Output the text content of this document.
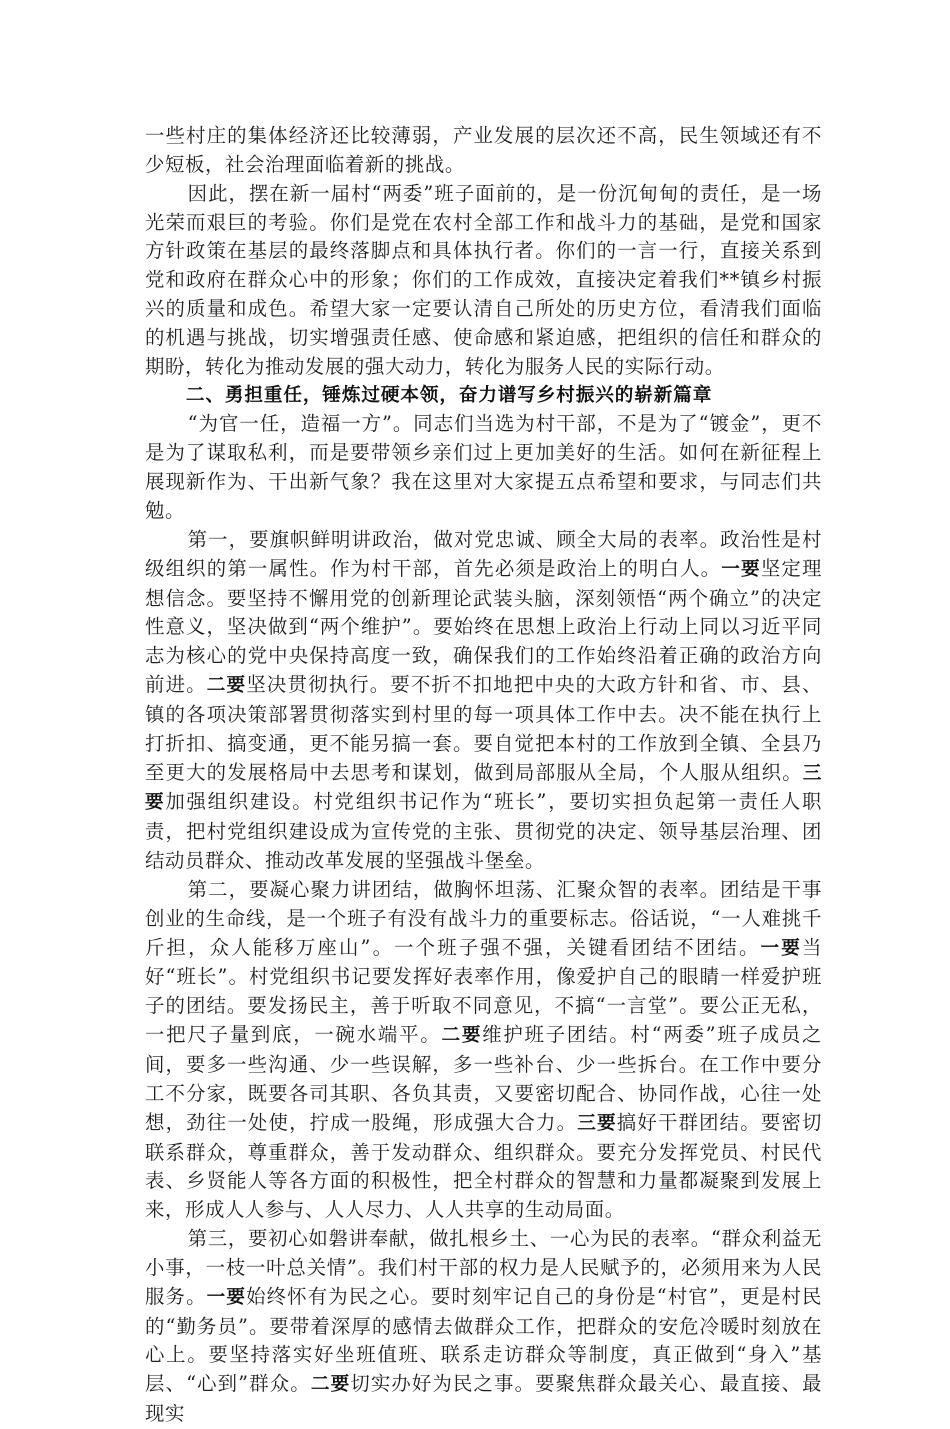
一些村庄的集体经济还比较薄弱，产业发展的层次还不高，民生领域还有不少短板，社会治理面临着新的挑战。

因此，摆在新一届村“两委”班子面前的，是一份沉甸甸的责任，是一场光荣而艰巨的考验。你们是党在农村全部工作和战斗力的基础，是党和国家方针政策在基层的最终落脚点和具体执行者。你们的一言一行，直接关系到党和政府在群众心中的形象；你们的工作成效，直接决定着我们**镇乡村振兴的质量和成色。希望大家一定要认清自己所处的历史方位，看清我们面临的机遇与挑战，切实增强责任感、使命感和紧迫感，把组织的信任和群众的期盼，转化为推动发展的强大动力，转化为服务人民的实际行动。

二、勇担重任，锤炼过硬本领，奋力谱写乡村振兴的崭新篇章

“为官一任，造福一方”。同志们当选为村干部，不是为了“镀金”，更不是为了谋取私利，而是要带领乡亲们过上更加美好的生活。如何在新征程上展现新作为、干出新气象？我在这里对大家提五点希望和要求，与同志们共勉。

第一，要旗帜鲜明讲政治，做对党忠诚、顾全大局的表率。政治性是村级组织的第一属性。作为村干部，首先必须是政治上的明白人。一要坚定理想信念。要坚持不懈用党的创新理论武装头脑，深刻领悟“两个确立”的决定性意义，坚决做到“两个维护”。要始终在思想上政治上行动上同以习近平同志为核心的党中央保持高度一致，确保我们的工作始终沿着正确的政治方向前进。二要坚决贯彻执行。要不折不扣地把中央的大政方针和省、市、县、镇的各项决策部署贯彻落实到村里的每一项具体工作中去。决不能在执行上打折扣、搞变通，更不能另搞一套。要自觉把本村的工作放到全镇、全县乃至更大的发展格局中去思考和谋划，做到局部服从全局，个人服从组织。三要加强组织建设。村党组织书记作为“班长”，要切实担负起第一责任人职责，把村党组织建设成为宣传党的主张、贯彻党的决定、领导基层治理、团结动员群众、推动改革发展的坚强战斗堡垒。

第二，要凝心聚力讲团结，做胸怀坦荡、汇聚众智的表率。团结是干事创业的生命线，是一个班子有没有战斗力的重要标志。俗话说，“一人难挑千斤担，众人能移万座山”。一个班子强不强，关键看团结不团结。一要当好“班长”。村党组织书记要发挥好表率作用，像爱护自己的眼睛一样爱护班子的团结。要发扬民主，善于听取不同意见，不搞“一言堂”。要公正无私，一把尺子量到底，一碗水端平。二要维护班子团结。村“两委”班子成员之间，要多一些沟通、少一些误解，多一些补台、少一些拆台。在工作中要分工不分家，既要各司其职、各负其责，又要密切配合、协同作战，心往一处想，劲往一处使，拧成一股绳，形成强大合力。三要搞好干群团结。要密切联系群众，尊重群众，善于发动群众、组织群众。要充分发挥党员、村民代表、乡贤能人等各方面的积极性，把全村群众的智慧和力量都凝聚到发展上来，形成人人参与、人人尽力、人人共享的生动局面。

第三，要初心如磐讲奉献，做扎根乡土、一心为民的表率。“群众利益无小事，一枝一叶总关情”。我们村干部的权力是人民赋予的，必须用来为人民服务。一要始终怀有为民之心。要时刻牢记自己的身份是“村官”，更是村民的“勤务员”。要带着深厚的感情去做群众工作，把群众的安危冷暖时刻放在心上。要坚持落实好坐班值班、联系走访群众等制度，真正做到“身入”基层、“心到”群众。二要切实办好为民之事。要聚焦群众最关心、最直接、最现实
